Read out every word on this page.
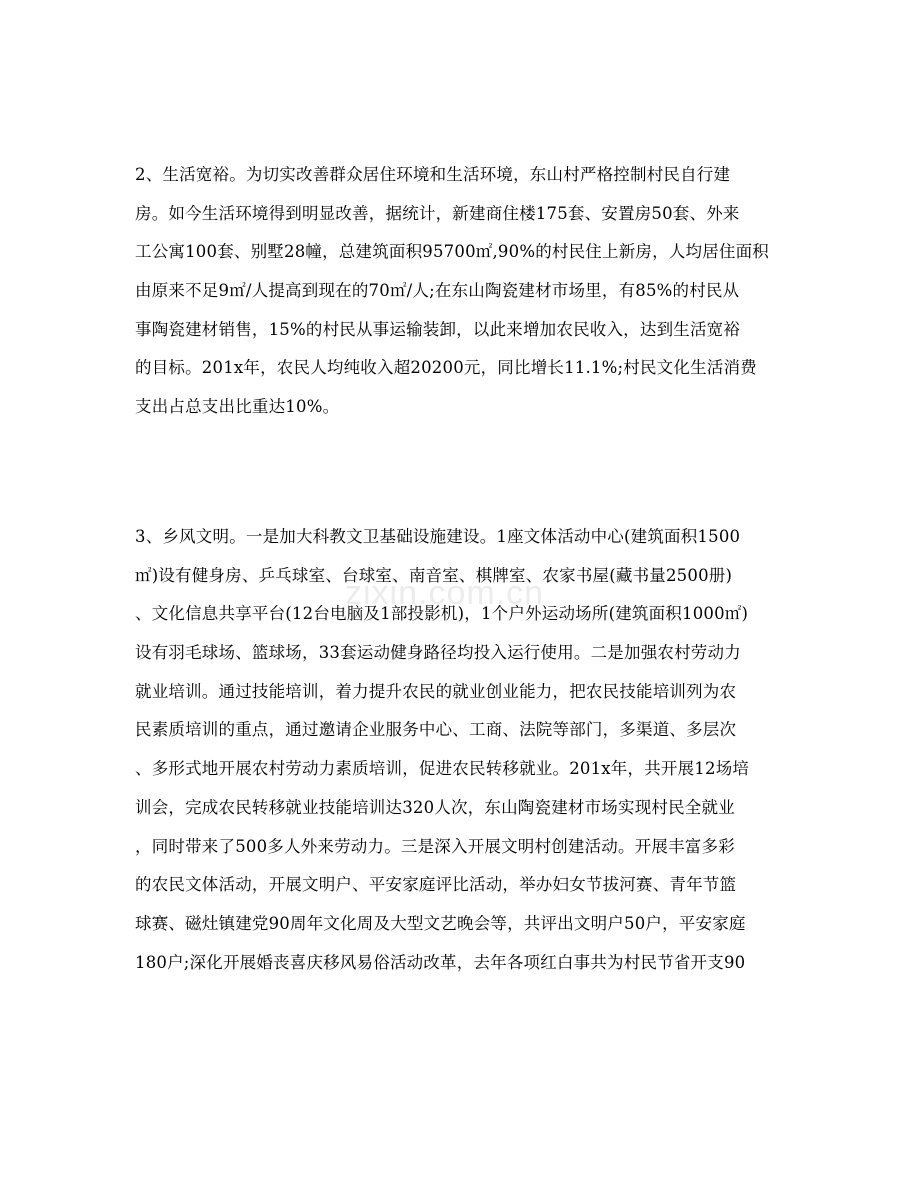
zixin.com.cn
2、生活宽裕。为切实改善群众居住环境和生活环境，东山村严格控制村民自行建
房。如今生活环境得到明显改善，据统计，新建商住楼175套、安置房50套、外来
工公寓100套、别墅28幢，总建筑面积95700㎡,90%的村民住上新房，人均居住面积
由原来不足9㎡/人提高到现在的70㎡/人;在东山陶瓷建材市场里，有85%的村民从
事陶瓷建材销售，15%的村民从事运输装卸，以此来增加农民收入，达到生活宽裕
的目标。201x年，农民人均纯收入超20200元，同比增长11.1%;村民文化生活消费
支出占总支出比重达10%。
3、乡风文明。一是加大科教文卫基础设施建设。1座文体活动中心(建筑面积1500
㎡)设有健身房、乒乓球室、台球室、南音室、棋牌室、农家书屋(藏书量2500册)
、文化信息共享平台(12台电脑及1部投影机)，1个户外运动场所(建筑面积1000㎡)
设有羽毛球场、篮球场，33套运动健身路径均投入运行使用。二是加强农村劳动力
就业培训。通过技能培训，着力提升农民的就业创业能力，把农民技能培训列为农
民素质培训的重点，通过邀请企业服务中心、工商、法院等部门，多渠道、多层次
、多形式地开展农村劳动力素质培训，促进农民转移就业。201x年，共开展12场培
训会，完成农民转移就业技能培训达320人次，东山陶瓷建材市场实现村民全就业
，同时带来了500多人外来劳动力。三是深入开展文明村创建活动。开展丰富多彩
的农民文体活动，开展文明户、平安家庭评比活动，举办妇女节拔河赛、青年节篮
球赛、磁灶镇建党90周年文化周及大型文艺晚会等，共评出文明户50户，平安家庭
180户;深化开展婚丧喜庆移风易俗活动改革，去年各项红白事共为村民节省开支90
